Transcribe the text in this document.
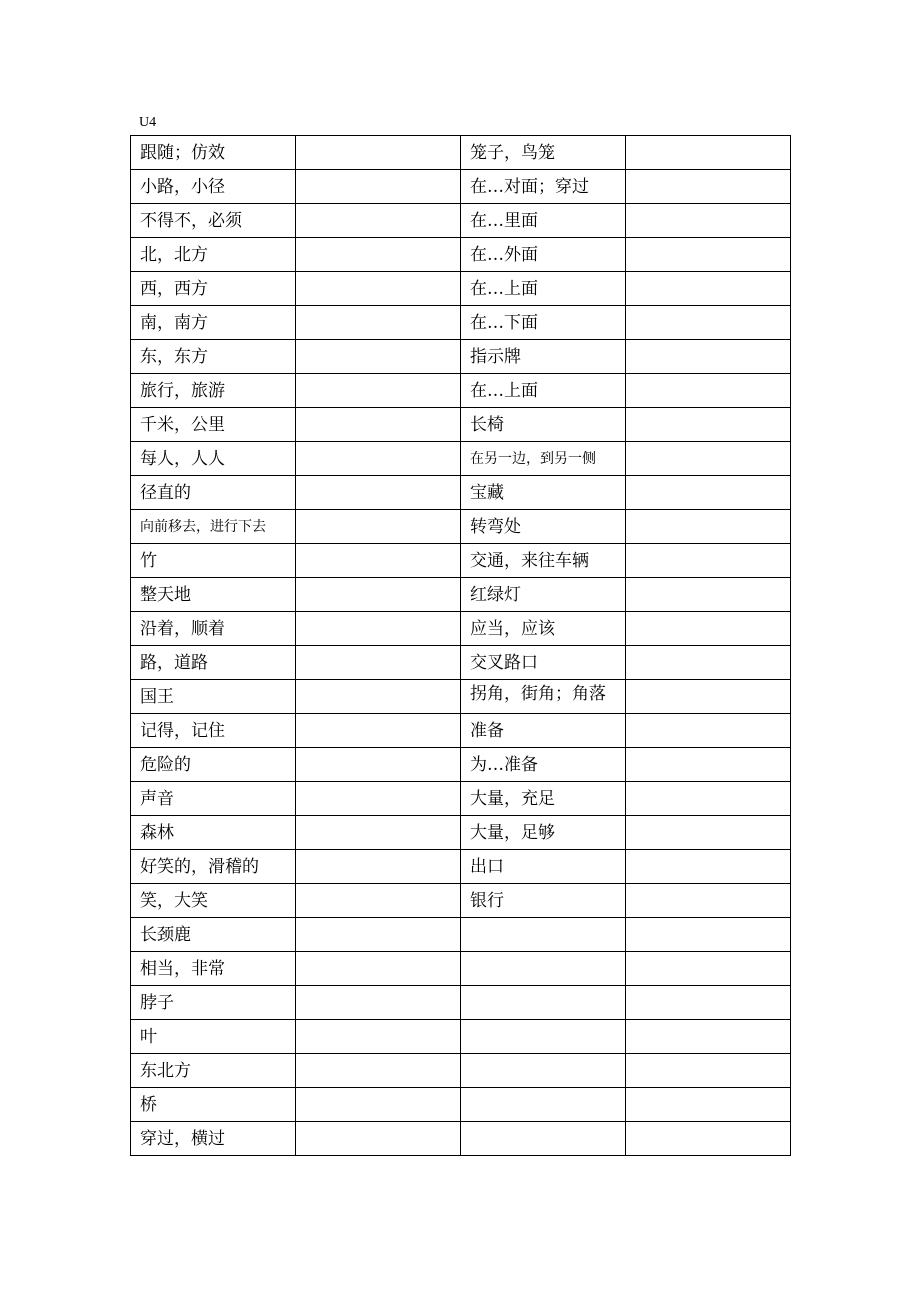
U4
跟随；仿效		笼子，鸟笼	
小路，小径		在…对面；穿过	
不得不，必须		在…里面	
北，北方		在…外面	
西，西方		在…上面	
南，南方		在…下面	
东，东方		指示牌	
旅行，旅游		在…上面	
千米，公里		长椅	
每人，人人		在另一边，到另一侧	
径直的		宝藏	
向前移去，进行下去		转弯处	
竹		交通，来往车辆	
整天地		红绿灯	
沿着，顺着		应当，应该	
路，道路		交叉路口	
国王		拐角，街角；角落	

记得，记住		准备	
危险的		为…准备	
声音		大量，充足	
森林		大量，足够	
好笑的，滑稽的		出口	
笑，大笑		银行	
长颈鹿			
相当，非常			
脖子			
叶			
东北方			
桥			
穿过，横过			
